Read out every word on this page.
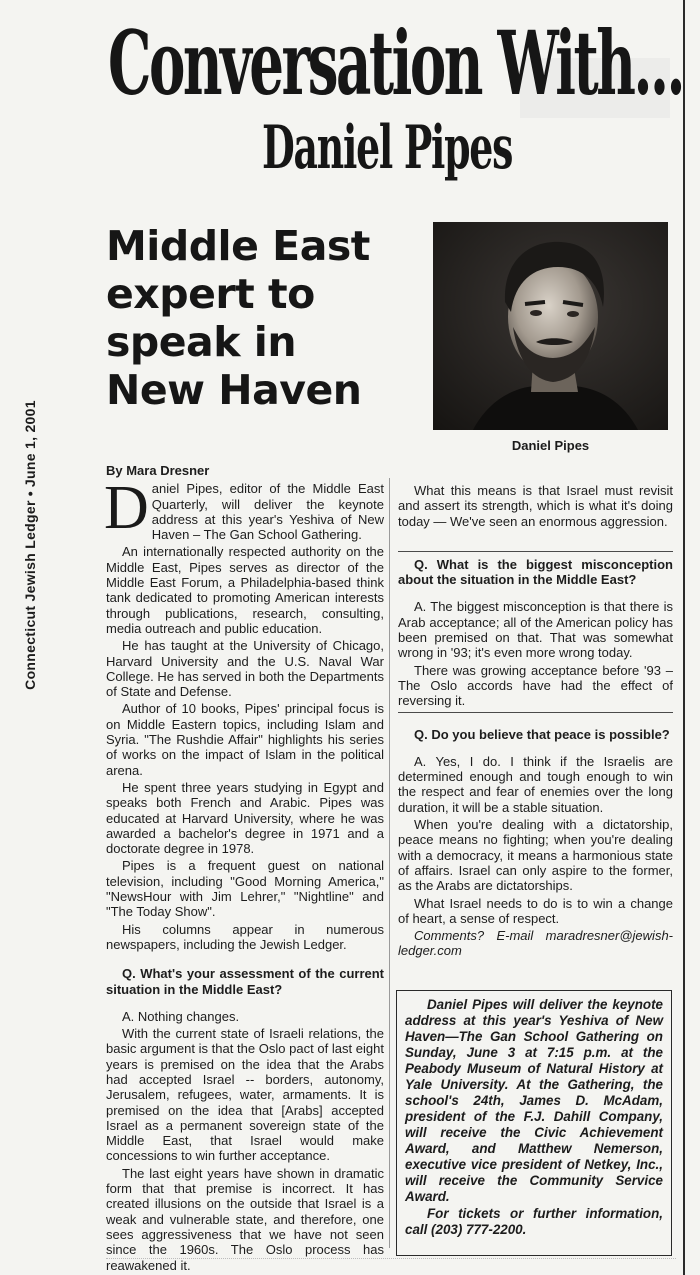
Connecticut Jewish Ledger•June 1, 2001
Conversation With...
Daniel Pipes
Middle East
expert to
speak in
New Haven
Daniel Pipes
By Mara Dresner

Daniel Pipes, editor of the Middle East Quarterly, will deliver the keynote address at this year's Yeshiva of New Haven – The Gan School Gathering.

An internationally respected authority on the Middle East, Pipes serves as director of the Middle East Forum, a Philadelphia-based think tank dedicated to promoting American interests through publications, research, consulting, media outreach and public education.

He has taught at the University of Chicago, Harvard University and the U.S. Naval War College. He has served in both the Departments of State and Defense.

Author of 10 books, Pipes' principal focus is on Middle Eastern topics, including Islam and Syria. "The Rushdie Affair" highlights his series of works on the impact of Islam in the political arena.

He spent three years studying in Egypt and speaks both French and Arabic. Pipes was educated at Harvard University, where he was awarded a bachelor's degree in 1971 and a doctorate degree in 1978.

Pipes is a frequent guest on national television, including "Good Morning America," "NewsHour with Jim Lehrer," "Nightline" and "The Today Show".

His columns appear in numerous newspapers, including the Jewish Ledger.

Q. What's your assessment of the current situation in the Middle East?

A. Nothing changes.

With the current state of Israeli relations, the basic argument is that the Oslo pact of last eight years is premised on the idea that the Arabs had accepted Israel -- borders, autonomy, Jerusalem, refugees, water, armaments. It is premised on the idea that [Arabs] accepted Israel as a permanent sovereign state of the Middle East, that Israel would make concessions to win further acceptance.

The last eight years have shown in dramatic form that that premise is incorrect. It has created illusions on the outside that Israel is a weak and vulnerable state, and therefore, one sees aggressiveness that we have not seen since the 1960s. The Oslo process has reawakened it.

What this means is that Israel must revisit and assert its strength, which is what it's doing today — We've seen an enormous aggression.

Q. What is the biggest misconception about the situation in the Middle East?

A. The biggest misconception is that there is Arab acceptance; all of the American policy has been premised on that. That was somewhat wrong in '93; it's even more wrong today.

There was growing acceptance before '93 – The Oslo accords have had the effect of reversing it.

Q. Do you believe that peace is possible?

A. Yes, I do. I think if the Israelis are determined enough and tough enough to win the respect and fear of enemies over the long duration, it will be a stable situation.

When you're dealing with a dictatorship, peace means no fighting; when you're dealing with a democracy, it means a harmonious state of affairs. Israel can only aspire to the former, as the Arabs are dictatorships.

What Israel needs to do is to win a change of heart, a sense of respect.

Comments? E-mail maradresner@jewish-ledger.com

Daniel Pipes will deliver the keynote address at this year's Yeshiva of New Haven—The Gan School Gathering on Sunday, June 3 at 7:15 p.m. at the Peabody Museum of Natural History at Yale University. At the Gathering, the school's 24th, James D. McAdam, president of the F.J. Dahill Company, will receive the Civic Achievement Award, and Matthew Nemerson, executive vice president of Netkey, Inc., will receive the Community Service Award.

For tickets or further information, call (203) 777-2200.
